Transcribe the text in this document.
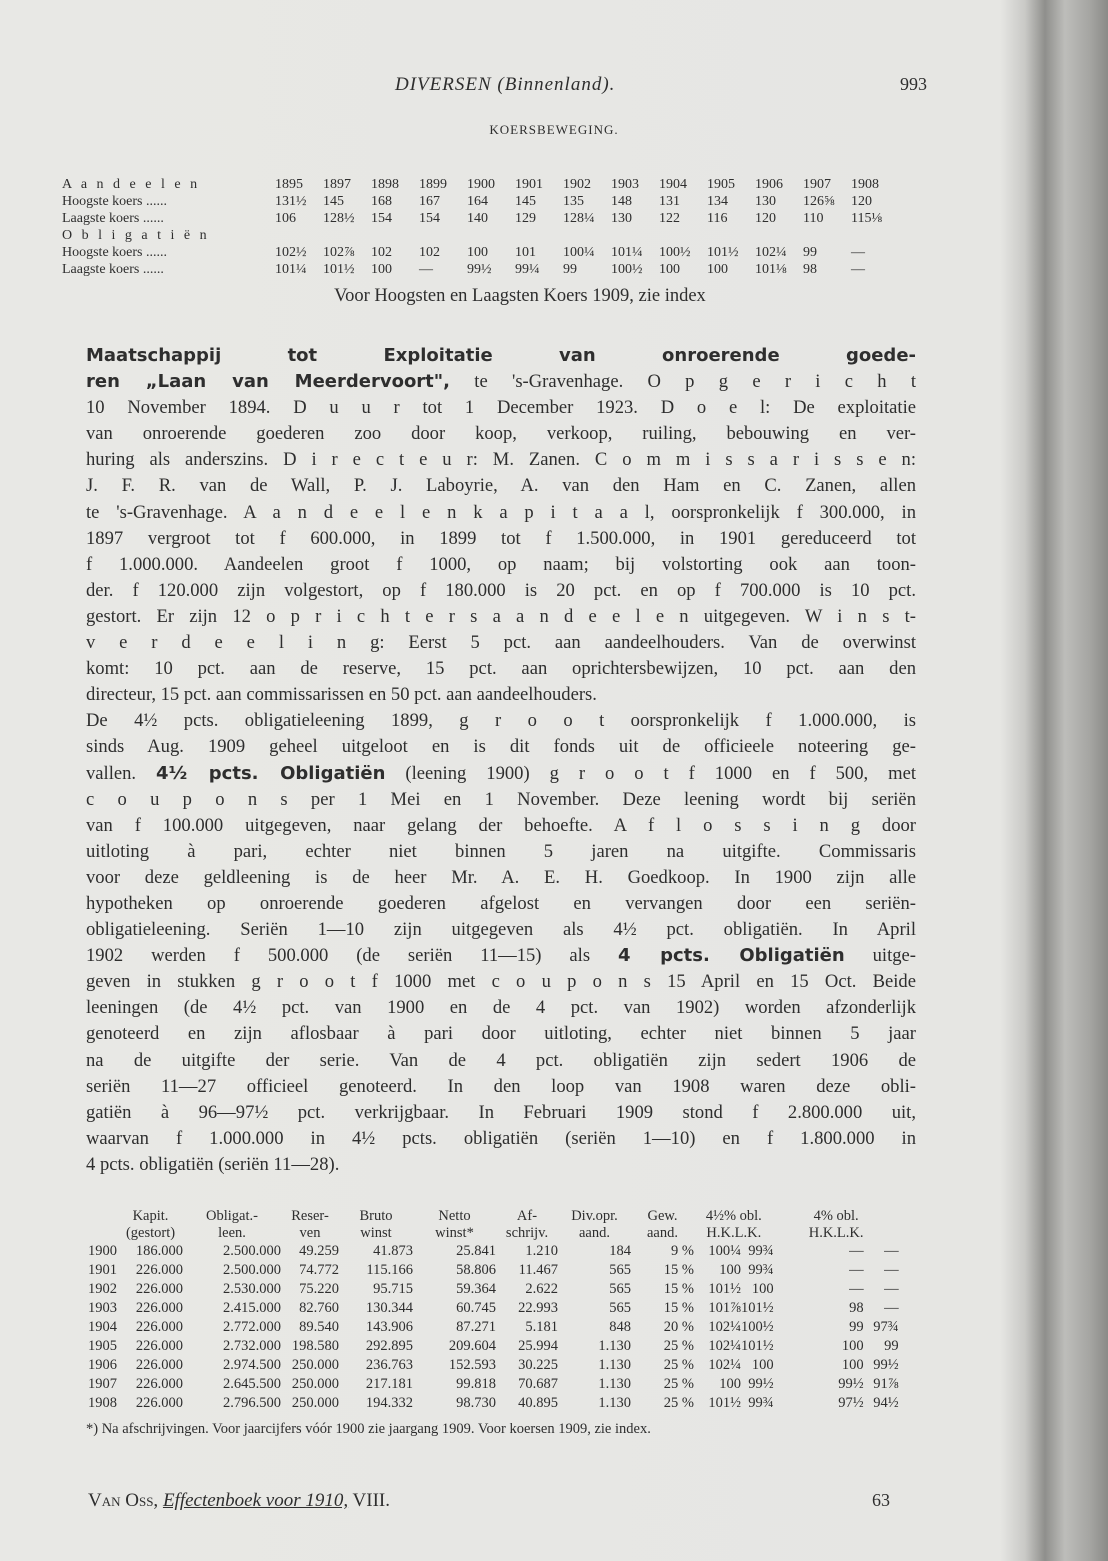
DIVERSEN (Binnenland).	993
KOERSBEWEGING.
A a n d e e l e n	1895	1897	1898	1899	1900	1901	1902	1903	1904	1905	1906	1907	1908
Hoogste koers ......	131½	145	168	167	164	145	135	148	131	134	130	126⅝	120
Laagste koers ......	106	128½	154	154	140	129	128¼	130	122	116	120	110	115⅛
O b l i g a t i ë n													
Hoogste koers ......	102½	102⅞	102	102	100	101	100¼	101¼	100½	101½	102¼	99	—
Laagste koers ......	101¼	101½	100	—	99½	99¼	99	100½	100	100	101⅛	98	—
Voor Hoogsten en Laagsten Koers 1909, zie index
Maatschappij tot Exploitatie van onroerende goede-
ren „Laan van Meerdervoort", te 's-Gravenhage. O p g e r i c h t
10 November 1894. D u u r tot 1 December 1923. D o e l: De exploitatie
van onroerende goederen zoo door koop, verkoop, ruiling, bebouwing en ver-
huring als anderszins. D i r e c t e u r: M. Zanen. C o m m i s s a r i s s e n:
J. F. R. van de Wall, P. J. Laboyrie, A. van den Ham en C. Zanen, allen
te 's-Gravenhage. A a n d e e l e n k a p i t a a l, oorspronkelijk f 300.000, in
1897 vergroot tot f 600.000, in 1899 tot f 1.500.000, in 1901 gereduceerd tot
f 1.000.000. Aandeelen groot f 1000, op naam; bij volstorting ook aan toon-
der. f 120.000 zijn volgestort, op f 180.000 is 20 pct. en op f 700.000 is 10 pct.
gestort. Er zijn 12 o p r i c h t e r s a a n d e e l e n uitgegeven. W i n s t-
v e r d e e l i n g: Eerst 5 pct. aan aandeelhouders. Van de overwinst
komt: 10 pct. aan de reserve, 15 pct. aan oprichtersbewijzen, 10 pct. aan den
directeur, 15 pct. aan commissarissen en 50 pct. aan aandeelhouders.
De 4½ pcts. obligatieleening 1899, g r o o t oorspronkelijk f 1.000.000, is
sinds Aug. 1909 geheel uitgeloot en is dit fonds uit de officieele noteering ge-
vallen. 4½ pcts. Obligatiën (leening 1900) g r o o t f 1000 en f 500, met
c o u p o n s per 1 Mei en 1 November. Deze leening wordt bij seriën
van f 100.000 uitgegeven, naar gelang der behoefte. A f l o s s i n g door
uitloting à pari, echter niet binnen 5 jaren na uitgifte. Commissaris
voor deze geldleening is de heer Mr. A. E. H. Goedkoop. In 1900 zijn alle
hypotheken op onroerende goederen afgelost en vervangen door een seriën-
obligatieleening. Seriën 1—10 zijn uitgegeven als 4½ pct. obligatiën. In April
1902 werden f 500.000 (de seriën 11—15) als 4 pcts. Obligatiën uitge-
geven in stukken g r o o t f 1000 met c o u p o n s 15 April en 15 Oct. Beide
leeningen (de 4½ pct. van 1900 en de 4 pct. van 1902) worden afzonderlijk
genoteerd en zijn aflosbaar à pari door uitloting, echter niet binnen 5 jaar
na de uitgifte der serie. Van de 4 pct. obligatiën zijn sedert 1906 de
seriën 11—27 officieel genoteerd. In den loop van 1908 waren deze obli-
gatiën à 96—97½ pct. verkrijgbaar. In Februari 1909 stond f 2.800.000 uit,
waarvan f 1.000.000 in 4½ pcts. obligatiën (seriën 1—10) en f 1.800.000 in
4 pcts. obligatiën (seriën 11—28).
	Kapit.	Obligat.-	Reser-	Bruto	Netto	Af-	Div.opr.	Gew.	4½% obl.		4% obl.	
	(gestort)	leen.	ven	winst	winst*	schrijv.	aand.	aand.	H.K.L.K.		H.K.L.K.	
1900	186.000	2.500.000	49.259	41.873	25.841	1.210	184	9 %	100¼	99¾	—	—
1901	226.000	2.500.000	74.772	115.166	58.806	11.467	565	15 %	100	99¾	—	—
1902	226.000	2.530.000	75.220	95.715	59.364	2.622	565	15 %	101½	100	—	—
1903	226.000	2.415.000	82.760	130.344	60.745	22.993	565	15 %	101⅞	101½	98	—
1904	226.000	2.772.000	89.540	143.906	87.271	5.181	848	20 %	102¼	100½	99	97¾
1905	226.000	2.732.000	198.580	292.895	209.604	25.994	1.130	25 %	102¼	101½	100	99
1906	226.000	2.974.500	250.000	236.763	152.593	30.225	1.130	25 %	102¼	100	100	99½
1907	226.000	2.645.500	250.000	217.181	99.818	70.687	1.130	25 %	100	99½	99½	91⅞
1908	226.000	2.796.500	250.000	194.332	98.730	40.895	1.130	25 %	101½	99¾	97½	94½
*) Na afschrijvingen. Voor jaarcijfers vóór 1900 zie jaargang 1909. Voor koersen 1909, zie index.
Van Oss, Effectenboek voor 1910, VIII.	63
